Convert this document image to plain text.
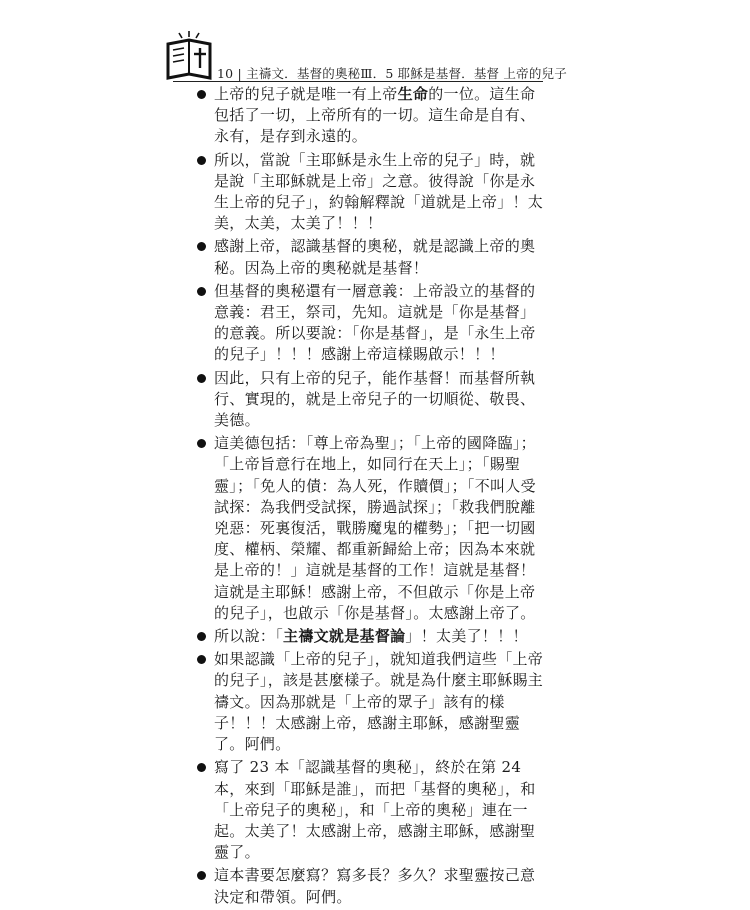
10 | 主禱文．基督的奧秘Ⅲ．5 耶穌是基督．基督 上帝的兒子
上帝的兒子就是唯一有上帝生命的一位。這生命包括了一切，上帝所有的一切。這生命是自有、永有，是存到永遠的。
所以，當說「主耶穌是永生上帝的兒子」時，就是說「主耶穌就是上帝」之意。彼得說「你是永生上帝的兒子」，約翰解釋說「道就是上帝」！太美，太美，太美了！！！
感謝上帝，認識基督的奧秘，就是認識上帝的奧秘。因為上帝的奧秘就是基督！
但基督的奧秘還有一層意義：上帝設立的基督的意義：君王，祭司，先知。這就是「你是基督」的意義。所以要說：「你是基督」，是「永生上帝的兒子」！！！感謝上帝這樣賜啟示！！！
因此，只有上帝的兒子，能作基督！而基督所執行、實現的，就是上帝兒子的一切順從、敬畏、美德。
這美德包括：「尊上帝為聖」；「上帝的國降臨」；「上帝旨意行在地上，如同行在天上」；「賜聖靈」；「免人的債：為人死，作贖價」；「不叫人受試探：為我們受試探，勝過試探」；「救我們脫離兇惡：死裏復活，戰勝魔鬼的權勢」；「把一切國度、權柄、榮耀、都重新歸給上帝；因為本來就是上帝的！」這就是基督的工作！這就是基督！這就是主耶穌！感謝上帝，不但啟示「你是上帝的兒子」，也啟示「你是基督」。太感謝上帝了。
所以說：「主禱文就是基督論」！太美了！！！
如果認識「上帝的兒子」，就知道我們這些「上帝的兒子」，該是甚麼樣子。就是為什麼主耶穌賜主禱文。因為那就是「上帝的眾子」該有的樣子！！！太感謝上帝，感謝主耶穌，感謝聖靈了。阿們。
寫了 23 本「認識基督的奧秘」，終於在第 24 本，來到「耶穌是誰」，而把「基督的奧秘」，和「上帝兒子的奧秘」，和「上帝的奧秘」連在一起。太美了！太感謝上帝，感謝主耶穌，感謝聖靈了。
這本書要怎麼寫？寫多長？多久？求聖靈按己意決定和帶領。阿們。
